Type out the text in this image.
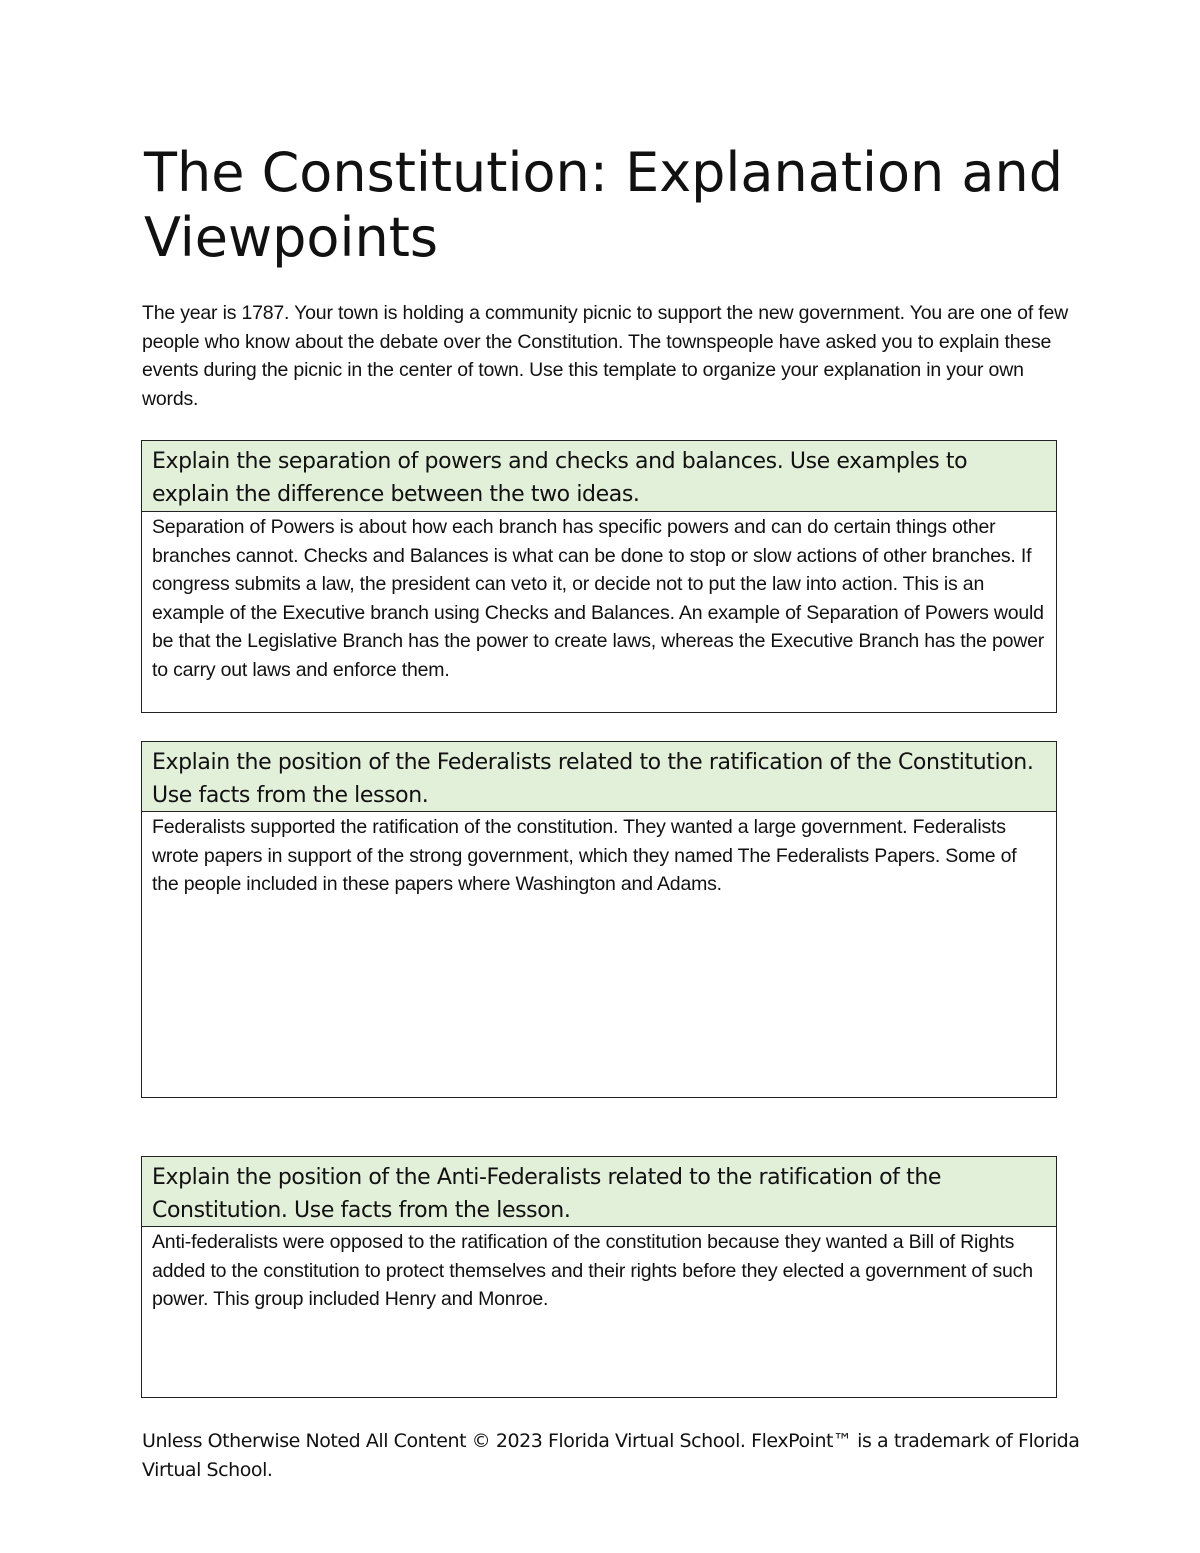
The Constitution: Explanation and Viewpoints

The year is 1787. Your town is holding a community picnic to support the new government. You are one of few people who know about the debate over the Constitution. The townspeople have asked you to explain these events during the picnic in the center of town. Use this template to organize your explanation in your own words.

Explain the separation of powers and checks and balances. Use examples to explain the difference between the two ideas.
Separation of Powers is about how each branch has specific powers and can do certain things other branches cannot. Checks and Balances is what can be done to stop or slow actions of other branches. If congress submits a law, the president can veto it, or decide not to put the law into action. This is an example of the Executive branch using Checks and Balances. An example of Separation of Powers would be that the Legislative Branch has the power to create laws, whereas the Executive Branch has the power to carry out laws and enforce them.
Explain the position of the Federalists related to the ratification of the Constitution. Use facts from the lesson.
Federalists supported the ratification of the constitution. They wanted a large government. Federalists wrote papers in support of the strong government, which they named The Federalists Papers. Some of the people included in these papers where Washington and Adams.
Explain the position of the Anti-Federalists related to the ratification of the Constitution. Use facts from the lesson.
Anti-federalists were opposed to the ratification of the constitution because they wanted a Bill of Rights added to the constitution to protect themselves and their rights before they elected a government of such power. This group included Henry and Monroe.

Unless Otherwise Noted All Content © 2023 Florida Virtual School. FlexPoint™ is a trademark of Florida Virtual School.
